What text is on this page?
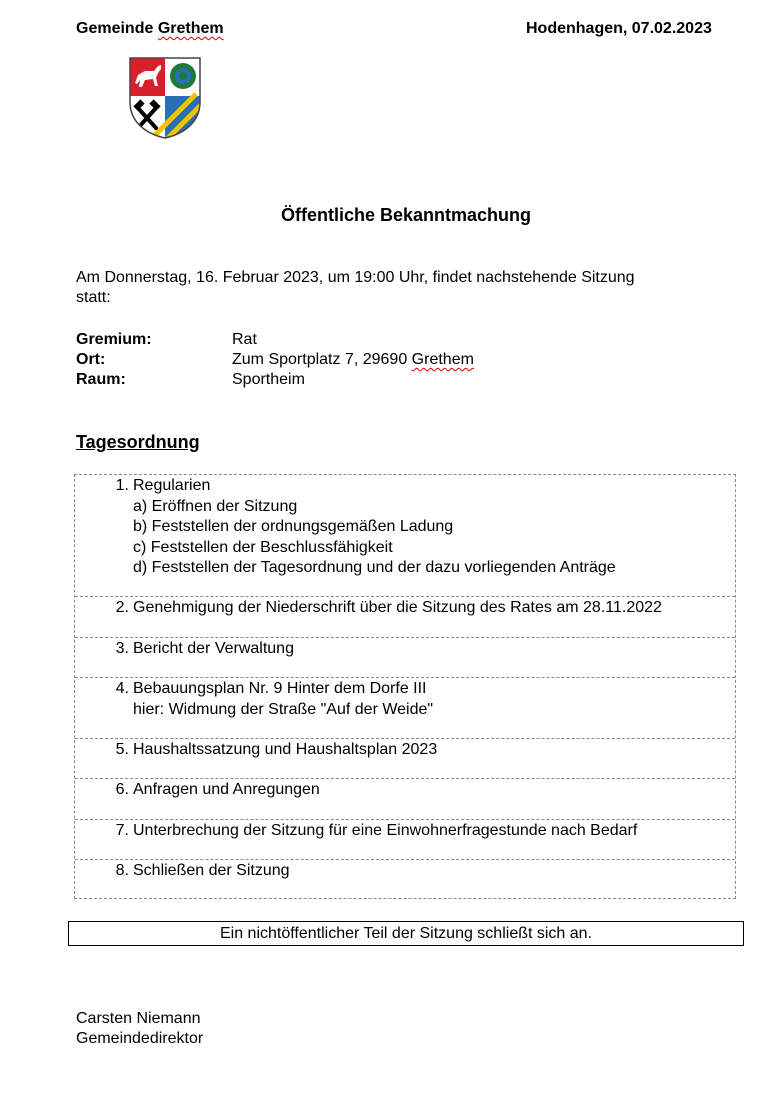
Gemeinde Grethem	Hodenhagen, 07.02.2023
Öffentliche Bekanntmachung
Am Donnerstag, 16. Februar 2023, um 19:00 Uhr, findet nachstehende Sitzung
statt:
Gremium:	Rat
Ort:	Zum Sportplatz 7, 29690 Grethem
Raum:	Sportheim
Tagesordnung
1. Regularien
a) Eröffnen der Sitzung
b) Feststellen der ordnungsgemäßen Ladung
c) Feststellen der Beschlussfähigkeit
d) Feststellen der Tagesordnung und der dazu vorliegenden Anträge
2. Genehmigung der Niederschrift über die Sitzung des Rates am 28.11.2022
3. Bericht der Verwaltung
4. Bebauungsplan Nr. 9 Hinter dem Dorfe III
hier: Widmung der Straße "Auf der Weide"
5. Haushaltssatzung und Haushaltsplan 2023
6. Anfragen und Anregungen
7. Unterbrechung der Sitzung für eine Einwohnerfragestunde nach Bedarf
8. Schließen der Sitzung
Ein nichtöffentlicher Teil der Sitzung schließt sich an.
Carsten Niemann
Gemeindedirektor
